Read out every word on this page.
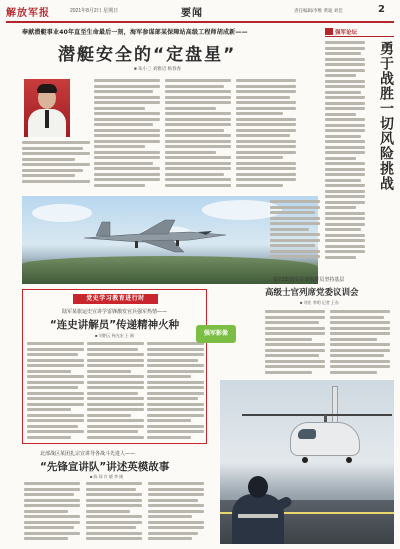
解放军报	2021年8月2日 星期日	要闻	责任编辑/李维 黄迪 刘佳	2
奉献潜艇事业40年直至生命最后一刻，海军参谋部某保障站高级工程师胡成新——
潜艇安全的“定盘星”
■ 朱小三 刘雅迈 杨春春
强军论坛
勇于战胜一切风险挑战
第72集团军军部指挥员坚持基层
高级士官列席党委议训会
■ 刘宏 李明 记者 王东
党史学习教育进行时
陆军某旅运史宣讲学雷锋激发官兵强军热情——
“连史讲解员”传递精神火种
■ 刘朝云 杨光宏 王 刚	强军影像
北部战区某团扎宗宣讲导各战斗先进人——
“先锋宣讲队”讲述英模故事
■ 陈 琛 许 晓 李 刚
